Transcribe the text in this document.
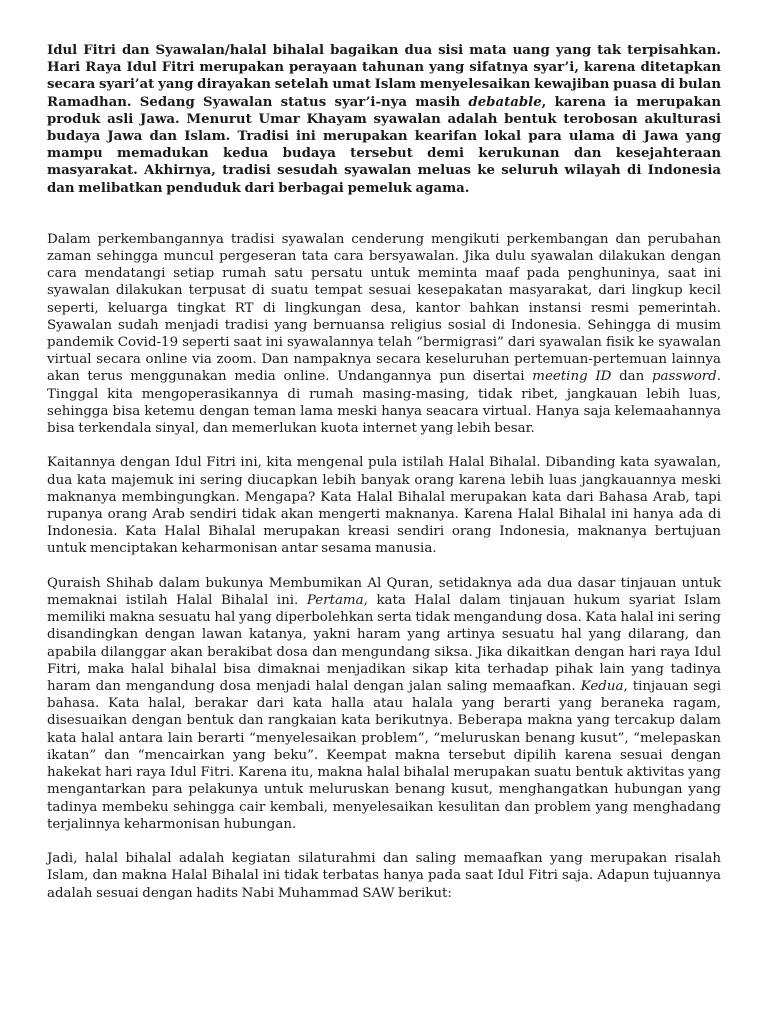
Idul Fitri dan Syawalan/halal bihalal bagaikan dua sisi mata uang yang tak terpisahkan. Hari Raya Idul Fitri merupakan perayaan tahunan yang sifatnya syar’i, karena ditetapkan secara syari’at yang dirayakan setelah umat Islam menyelesaikan kewajiban puasa di bulan Ramadhan. Sedang Syawalan status syar’i-nya masih debatable, karena ia merupakan produk asli Jawa. Menurut Umar Khayam syawalan adalah bentuk terobosan akulturasi budaya Jawa dan Islam. Tradisi ini merupakan kearifan lokal para ulama di Jawa yang mampu memadukan kedua budaya tersebut demi kerukunan dan kesejahteraan masyarakat. Akhirnya, tradisi sesudah syawalan meluas ke seluruh wilayah di Indonesia dan melibatkan penduduk dari berbagai pemeluk agama.

Dalam perkembangannya tradisi syawalan cenderung mengikuti perkembangan dan perubahan zaman sehingga muncul pergeseran tata cara bersyawalan. Jika dulu syawalan dilakukan dengan cara mendatangi setiap rumah satu persatu untuk meminta maaf pada penghuninya, saat ini syawalan dilakukan terpusat di suatu tempat sesuai kesepakatan masyarakat, dari lingkup kecil seperti, keluarga tingkat RT di lingkungan desa, kantor bahkan instansi resmi pemerintah. Syawalan sudah menjadi tradisi yang bernuansa religius sosial di Indonesia. Sehingga di musim pandemik Covid-19 seperti saat ini syawalannya telah “bermigrasi” dari syawalan fisik ke syawalan virtual secara online via zoom. Dan nampaknya secara keseluruhan pertemuan-pertemuan lainnya akan terus menggunakan media online. Undangannya pun disertai meeting ID dan password. Tinggal kita mengoperasikannya di rumah masing-masing, tidak ribet, jangkauan lebih luas, sehingga bisa ketemu dengan teman lama meski hanya seacara virtual. Hanya saja kelemaahannya bisa terkendala sinyal, dan memerlukan kuota internet yang lebih besar.

Kaitannya dengan Idul Fitri ini, kita mengenal pula istilah Halal Bihalal. Dibanding kata syawalan, dua kata majemuk ini sering diucapkan lebih banyak orang karena lebih luas jangkauannya meski maknanya membingungkan. Mengapa? Kata Halal Bihalal merupakan kata dari Bahasa Arab, tapi rupanya orang Arab sendiri tidak akan mengerti maknanya. Karena Halal Bihalal ini hanya ada di Indonesia. Kata Halal Bihalal merupakan kreasi sendiri orang Indonesia, maknanya bertujuan untuk menciptakan keharmonisan antar sesama manusia.

Quraish Shihab dalam bukunya Membumikan Al Quran, setidaknya ada dua dasar tinjauan untuk memaknai istilah Halal Bihalal ini. Pertama, kata Halal dalam tinjauan hukum syariat Islam memiliki makna sesuatu hal yang diperbolehkan serta tidak mengandung dosa. Kata halal ini sering disandingkan dengan lawan katanya, yakni haram yang artinya sesuatu hal yang dilarang, dan apabila dilanggar akan berakibat dosa dan mengundang siksa. Jika dikaitkan dengan hari raya Idul Fitri, maka halal bihalal bisa dimaknai menjadikan sikap kita terhadap pihak lain yang tadinya haram dan mengandung dosa menjadi halal dengan jalan saling memaafkan. Kedua, tinjauan segi bahasa. Kata halal, berakar dari kata halla atau halala yang berarti yang beraneka ragam, disesuaikan dengan bentuk dan rangkaian kata berikutnya. Beberapa makna yang tercakup dalam kata halal antara lain berarti “menyelesaikan problem”, “meluruskan benang kusut”, “melepaskan ikatan” dan “mencairkan yang beku”. Keempat makna tersebut dipilih karena sesuai dengan hakekat hari raya Idul Fitri. Karena itu, makna halal bihalal merupakan suatu bentuk aktivitas yang mengantarkan para pelakunya untuk meluruskan benang kusut, menghangatkan hubungan yang tadinya membeku sehingga cair kembali, menyelesaikan kesulitan dan problem yang menghadang terjalinnya keharmonisan hubungan.

Jadi, halal bihalal adalah kegiatan silaturahmi dan saling memaafkan yang merupakan risalah Islam, dan makna Halal Bihalal ini tidak terbatas hanya pada saat Idul Fitri saja. Adapun tujuannya adalah sesuai dengan hadits Nabi Muhammad SAW berikut:
